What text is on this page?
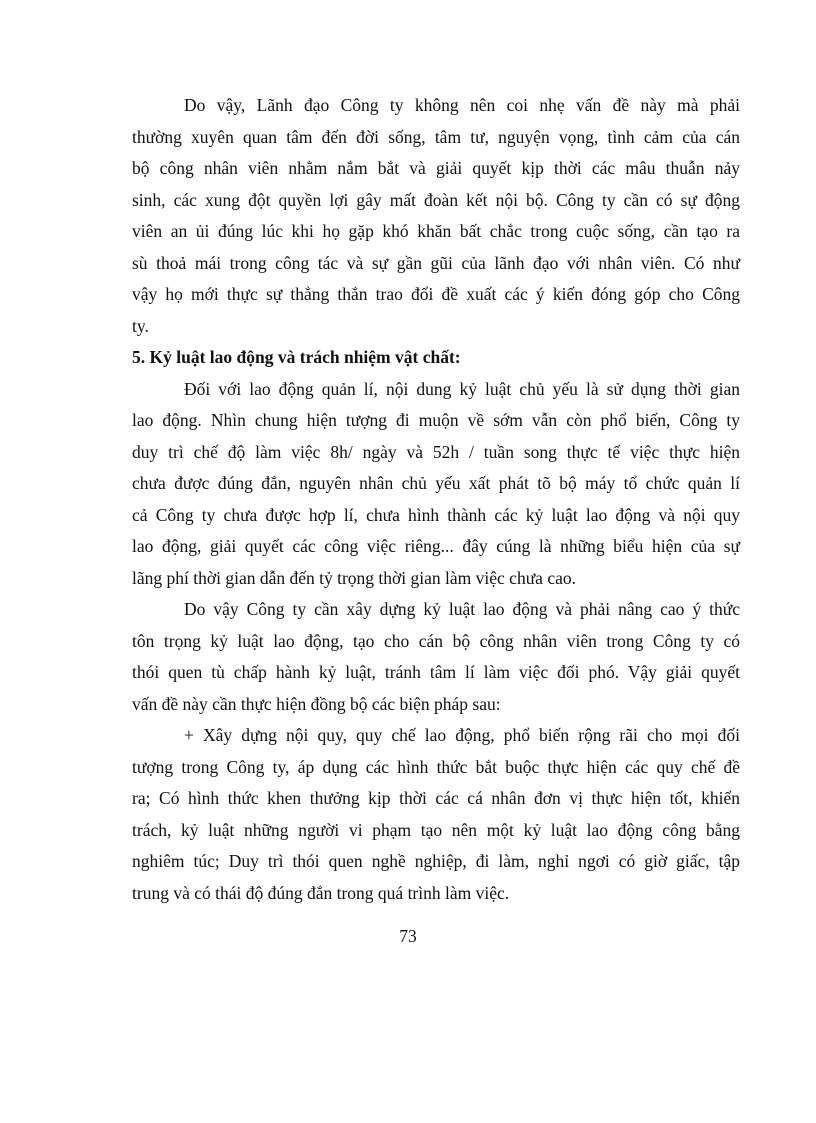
Do vậy, Lãnh đạo Công ty không nên coi nhẹ vấn đề này mà phải
thường xuyên quan tâm đến đời sống, tâm tư, nguyện vọng, tình cảm của cán
bộ công nhân viên nhằm nắm bắt và giải quyết kịp thời các mâu thuẫn nảy
sinh, các xung đột quyền lợi gây mất đoàn kết nội bộ. Công ty cần có sự động
viên an ủi đúng lúc khi họ gặp khó khăn bất chắc trong cuộc sống, cần tạo ra
sù thoả mái trong công tác và sự gần gũi của lãnh đạo với nhân viên. Có như
vậy họ mới thực sự thẳng thắn trao đổi đề xuất các ý kiến đóng góp cho Công
ty.
5. Kỷ luật lao động và trách nhiệm vật chất:
Đối với lao động quản lí, nội dung kỷ luật chủ yếu là sử dụng thời gian
lao động. Nhìn chung hiện tượng đi muộn về sớm vẫn còn phổ biến, Công ty
duy trì chế độ làm việc 8h/ ngày và 52h / tuần song thực tế việc thực hiện
chưa được đúng đắn, nguyên nhân chủ yếu xất phát tõ bộ máy tổ chức quản lí
cả Công ty chưa được hợp lí, chưa hình thành các kỷ luật lao động và nội quy
lao động, giải quyết các công việc riêng... đây cúng là những biểu hiện của sự
lãng phí thời gian dẫn đến tỷ trọng thời gian làm việc chưa cao.
Do vậy Công ty cần xây dựng kỷ luật lao động và phải nâng cao ý thức
tôn trọng kỷ luật lao động, tạo cho cán bộ công nhân viên trong Công ty có
thói quen tù chấp hành kỷ luật, tránh tâm lí làm việc đối phó. Vậy giải quyết
vấn đề này cần thực hiện đồng bộ các biện pháp sau:
+ Xây dựng nội quy, quy chế lao động, phổ biến rộng rãi cho mọi đối
tượng trong Công ty, áp dụng các hình thức bắt buộc thực hiện các quy chế đề
ra; Có hình thức khen thưởng kịp thời các cá nhân đơn vị thực hiện tốt, khiển
trách, kỷ luật những người vi phạm tạo nên một kỷ luật lao động công bằng
nghiêm túc; Duy trì thói quen nghề nghiệp, đi làm, nghỉ ngơi có giờ giấc, tập
trung và có thái độ đúng đắn trong quá trình làm việc.
73
